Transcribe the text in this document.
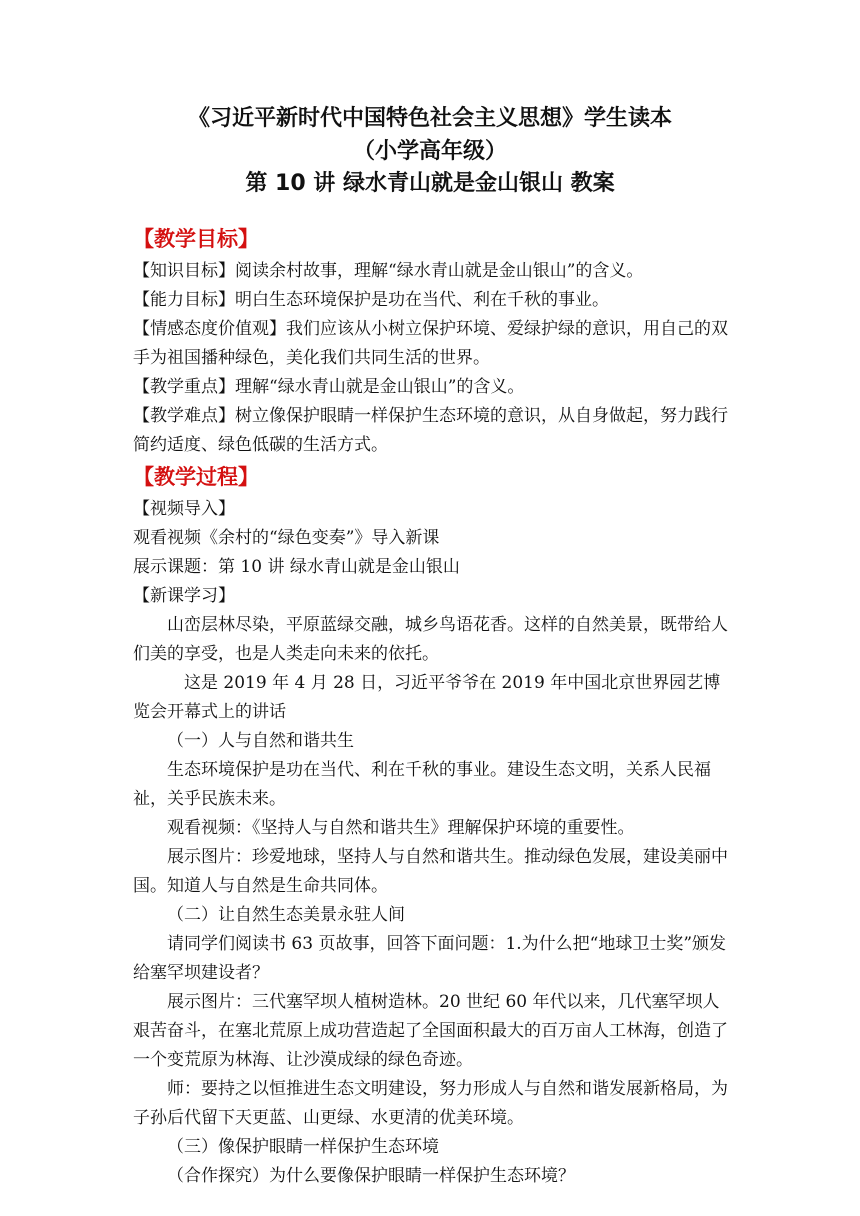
《习近平新时代中国特色社会主义思想》学生读本
（小学高年级）
第 10 讲 绿水青山就是金山银山 教案

【教学目标】

【知识目标】阅读余村故事，理解“绿水青山就是金山银山”的含义。

【能力目标】明白生态环境保护是功在当代、利在千秋的事业。

【情感态度价值观】我们应该从小树立保护环境、爱绿护绿的意识，用自己的双手为祖国播种绿色，美化我们共同生活的世界。

【教学重点】理解“绿水青山就是金山银山”的含义。

【教学难点】树立像保护眼睛一样保护生态环境的意识，从自身做起，努力践行简约适度、绿色低碳的生活方式。

【教学过程】

【视频导入】

观看视频《余村的“绿色变奏”》导入新课

展示课题：第 10 讲 绿水青山就是金山银山

【新课学习】

山峦层林尽染，平原蓝绿交融，城乡鸟语花香。这样的自然美景，既带给人们美的享受，也是人类走向未来的依托。

这是 2019 年 4 月 28 日，习近平爷爷在 2019 年中国北京世界园艺博览会开幕式上的讲话

（一）人与自然和谐共生

生态环境保护是功在当代、利在千秋的事业。建设生态文明，关系人民福祉，关乎民族未来。

观看视频：《坚持人与自然和谐共生》理解保护环境的重要性。

展示图片：珍爱地球，坚持人与自然和谐共生。推动绿色发展，建设美丽中国。知道人与自然是生命共同体。

（二）让自然生态美景永驻人间

请同学们阅读书 63 页故事，回答下面问题：1.为什么把“地球卫士奖”颁发给塞罕坝建设者？

展示图片：三代塞罕坝人植树造林。20 世纪 60 年代以来，几代塞罕坝人艰苦奋斗，在塞北荒原上成功营造起了全国面积最大的百万亩人工林海，创造了一个变荒原为林海、让沙漠成绿的绿色奇迹。

师：要持之以恒推进生态文明建设，努力形成人与自然和谐发展新格局，为子孙后代留下天更蓝、山更绿、水更清的优美环境。

（三）像保护眼睛一样保护生态环境

（合作探究）为什么要像保护眼睛一样保护生态环境？
